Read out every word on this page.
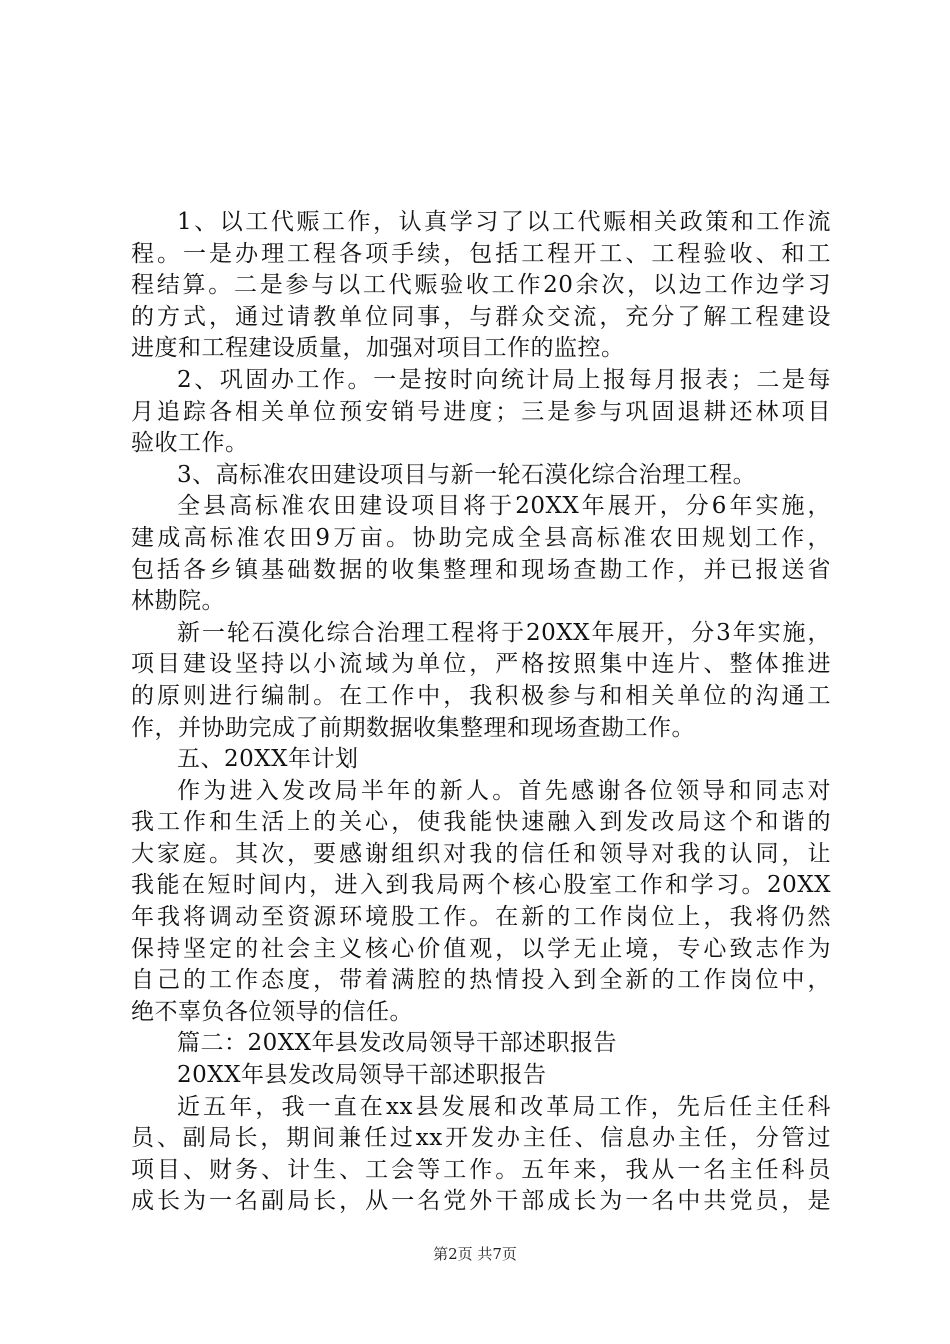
1、以工代赈工作，认真学习了以工代赈相关政策和工作流
程。一是办理工程各项手续，包括工程开工、工程验收、和工
程结算。二是参与以工代赈验收工作20余次，以边工作边学习
的方式，通过请教单位同事，与群众交流，充分了解工程建设
进度和工程建设质量，加强对项目工作的监控。
2、巩固办工作。一是按时向统计局上报每月报表；二是每
月追踪各相关单位预安销号进度；三是参与巩固退耕还林项目
验收工作。
3、高标准农田建设项目与新一轮石漠化综合治理工程。
全县高标准农田建设项目将于20XX年展开，分6年实施，
建成高标准农田9万亩。协助完成全县高标准农田规划工作，
包括各乡镇基础数据的收集整理和现场查勘工作，并已报送省
林勘院。
新一轮石漠化综合治理工程将于20XX年展开，分3年实施，
项目建设坚持以小流域为单位，严格按照集中连片、整体推进
的原则进行编制。在工作中，我积极参与和相关单位的沟通工
作，并协助完成了前期数据收集整理和现场查勘工作。
五、20XX年计划
作为进入发改局半年的新人。首先感谢各位领导和同志对
我工作和生活上的关心，使我能快速融入到发改局这个和谐的
大家庭。其次，要感谢组织对我的信任和领导对我的认同，让
我能在短时间内，进入到我局两个核心股室工作和学习。20XX
年我将调动至资源环境股工作。在新的工作岗位上，我将仍然
保持坚定的社会主义核心价值观，以学无止境，专心致志作为
自己的工作态度，带着满腔的热情投入到全新的工作岗位中，
绝不辜负各位领导的信任。
篇二：20XX年县发改局领导干部述职报告
20XX年县发改局领导干部述职报告
近五年，我一直在xx县发展和改革局工作，先后任主任科
员、副局长，期间兼任过xx开发办主任、信息办主任，分管过
项目、财务、计生、工会等工作。五年来，我从一名主任科员
成长为一名副局长，从一名党外干部成长为一名中共党员，是
第2页 共7页
